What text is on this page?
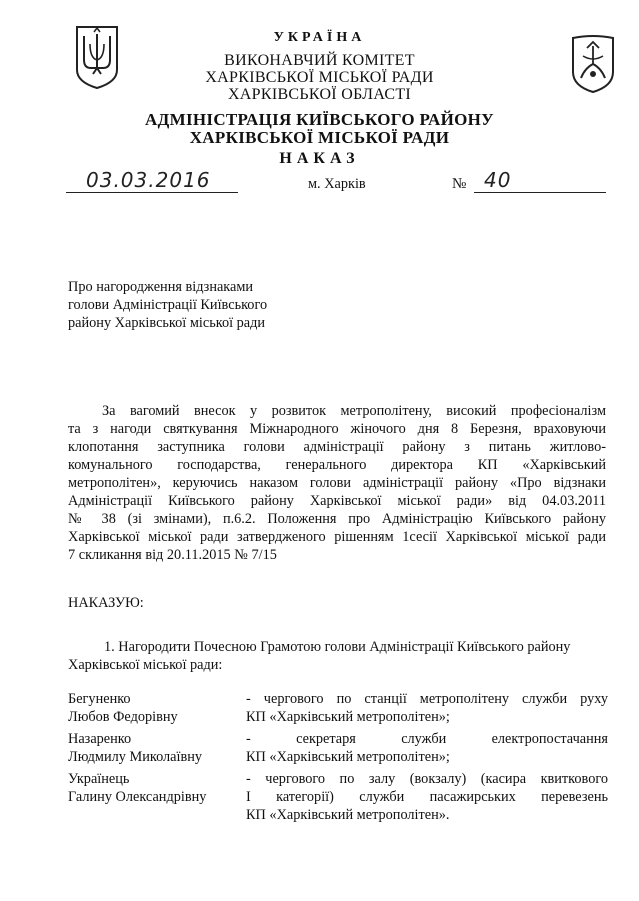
УКРАЇНА
ВИКОНАВЧИЙ КОМІТЕТ
ХАРКІВСЬКОЇ МІСЬКОЇ РАДИ
ХАРКІВСЬКОЇ ОБЛАСТІ
АДМІНІСТРАЦІЯ КИЇВСЬКОГО РАЙОНУ
ХАРКІВСЬКОЇ МІСЬКОЇ РАДИ
НАКАЗ
03.03.2016	м. Харків	№ 40
Про нагородження відзнаками
голови Адміністрації Київського
району Харківської міської ради
За вагомий внесок у розвиток метрополітену, високий професіоналізм
та з нагоди святкування Міжнародного жіночого дня 8 Березня, враховуючи
клопотання заступника голови адміністрації району з питань житлово-
комунального господарства, генерального директора КП «Харківський
метрополітен», керуючись наказом голови адміністрації району «Про відзнаки
Адміністрації Київського району Харківської міської ради» від 04.03.2011
№ 38 (зі змінами), п.6.2. Положення про Адміністрацію Київського району
Харківської міської ради затвердженого рішенням 1сесії Харківської міської ради
7 скликання від 20.11.2015 № 7/15
НАКАЗУЮ:
1. Нагородити Почесною Грамотою голови Адміністрації Київського району
Харківської міської ради:
Бегуненко
Любов Федорівну
- чергового по станції метрополітену служби руху
КП «Харківський метрополітен»;
Назаренко
Людмилу Миколаївну
- секретаря служби електропостачання
КП «Харківський метрополітен»;
Українець
Галину Олександрівну
- чергового по залу (вокзалу) (касира квиткового
I категорії) служби пасажирських перевезень
КП «Харківський метрополітен».
